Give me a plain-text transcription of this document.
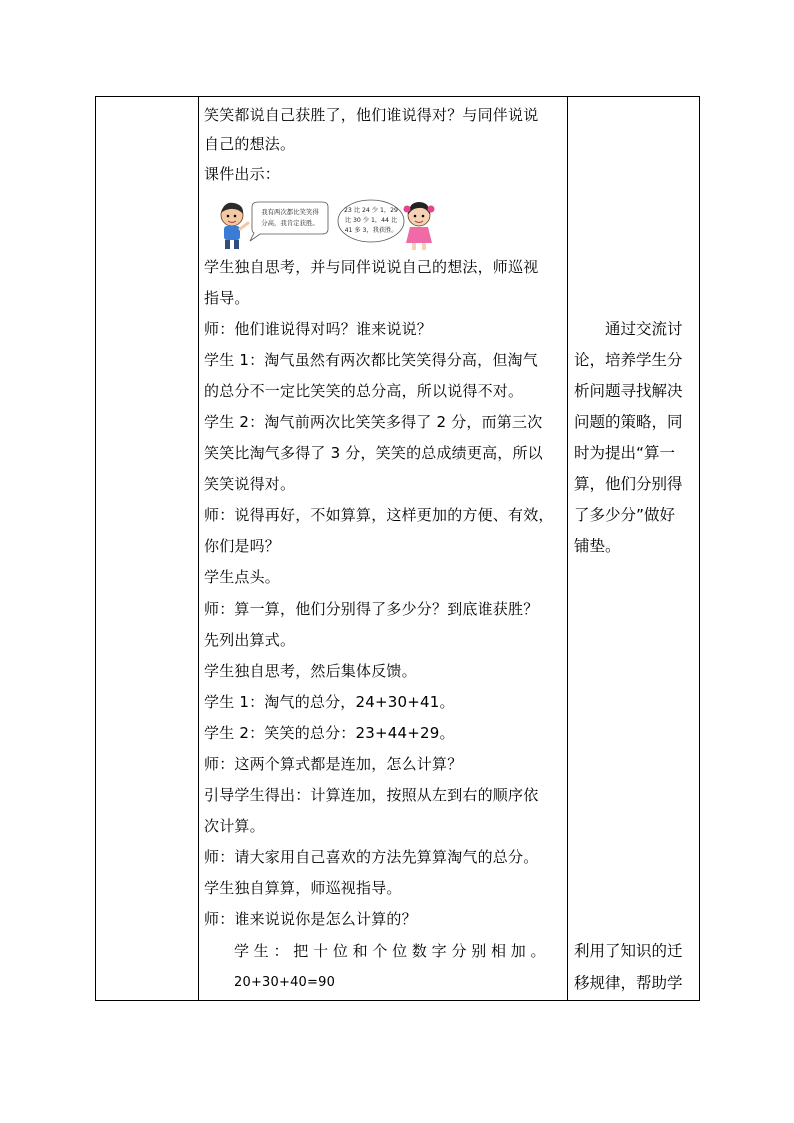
笑笑都说自己获胜了，他们谁说得对？与同伴说说
自己的想法。
课件出示：
我有两次都比笑笑得
分高，我肯定获胜。
23 比 24 少 1，29
比 30 少 1，44 比
41 多 3，我获胜。
学生独自思考，并与同伴说说自己的想法，师巡视
指导。
师：他们谁说得对吗？谁来说说？
学生 1：淘气虽然有两次都比笑笑得分高，但淘气
的总分不一定比笑笑的总分高，所以说得不对。
学生 2：淘气前两次比笑笑多得了 2 分，而第三次
笑笑比淘气多得了 3 分，笑笑的总成绩更高，所以
笑笑说得对。
师：说得再好，不如算算，这样更加的方便、有效，
你们是吗？
学生点头。
师：算一算，他们分别得了多少分？到底谁获胜？
先列出算式。
学生独自思考，然后集体反馈。
学生 1：淘气的总分，24+30+41。
学生 2：笑笑的总分：23+44+29。
师：这两个算式都是连加，怎么计算？
引导学生得出：计算连加，按照从左到右的顺序依
次计算。
师：请大家用自己喜欢的方法先算算淘气的总分。
学生独自算算，师巡视指导。
师：谁来说说你是怎么计算的？
学 生 ： 把 十 位 和 个 位 数 字 分 别 相 加 。
20+30+40=90
　　通过交流讨
论，培养学生分
析问题寻找解决
问题的策略，同
时为提出“算一
算，他们分别得
了多少分”做好
铺垫。
利用了知识的迁
移规律，帮助学
